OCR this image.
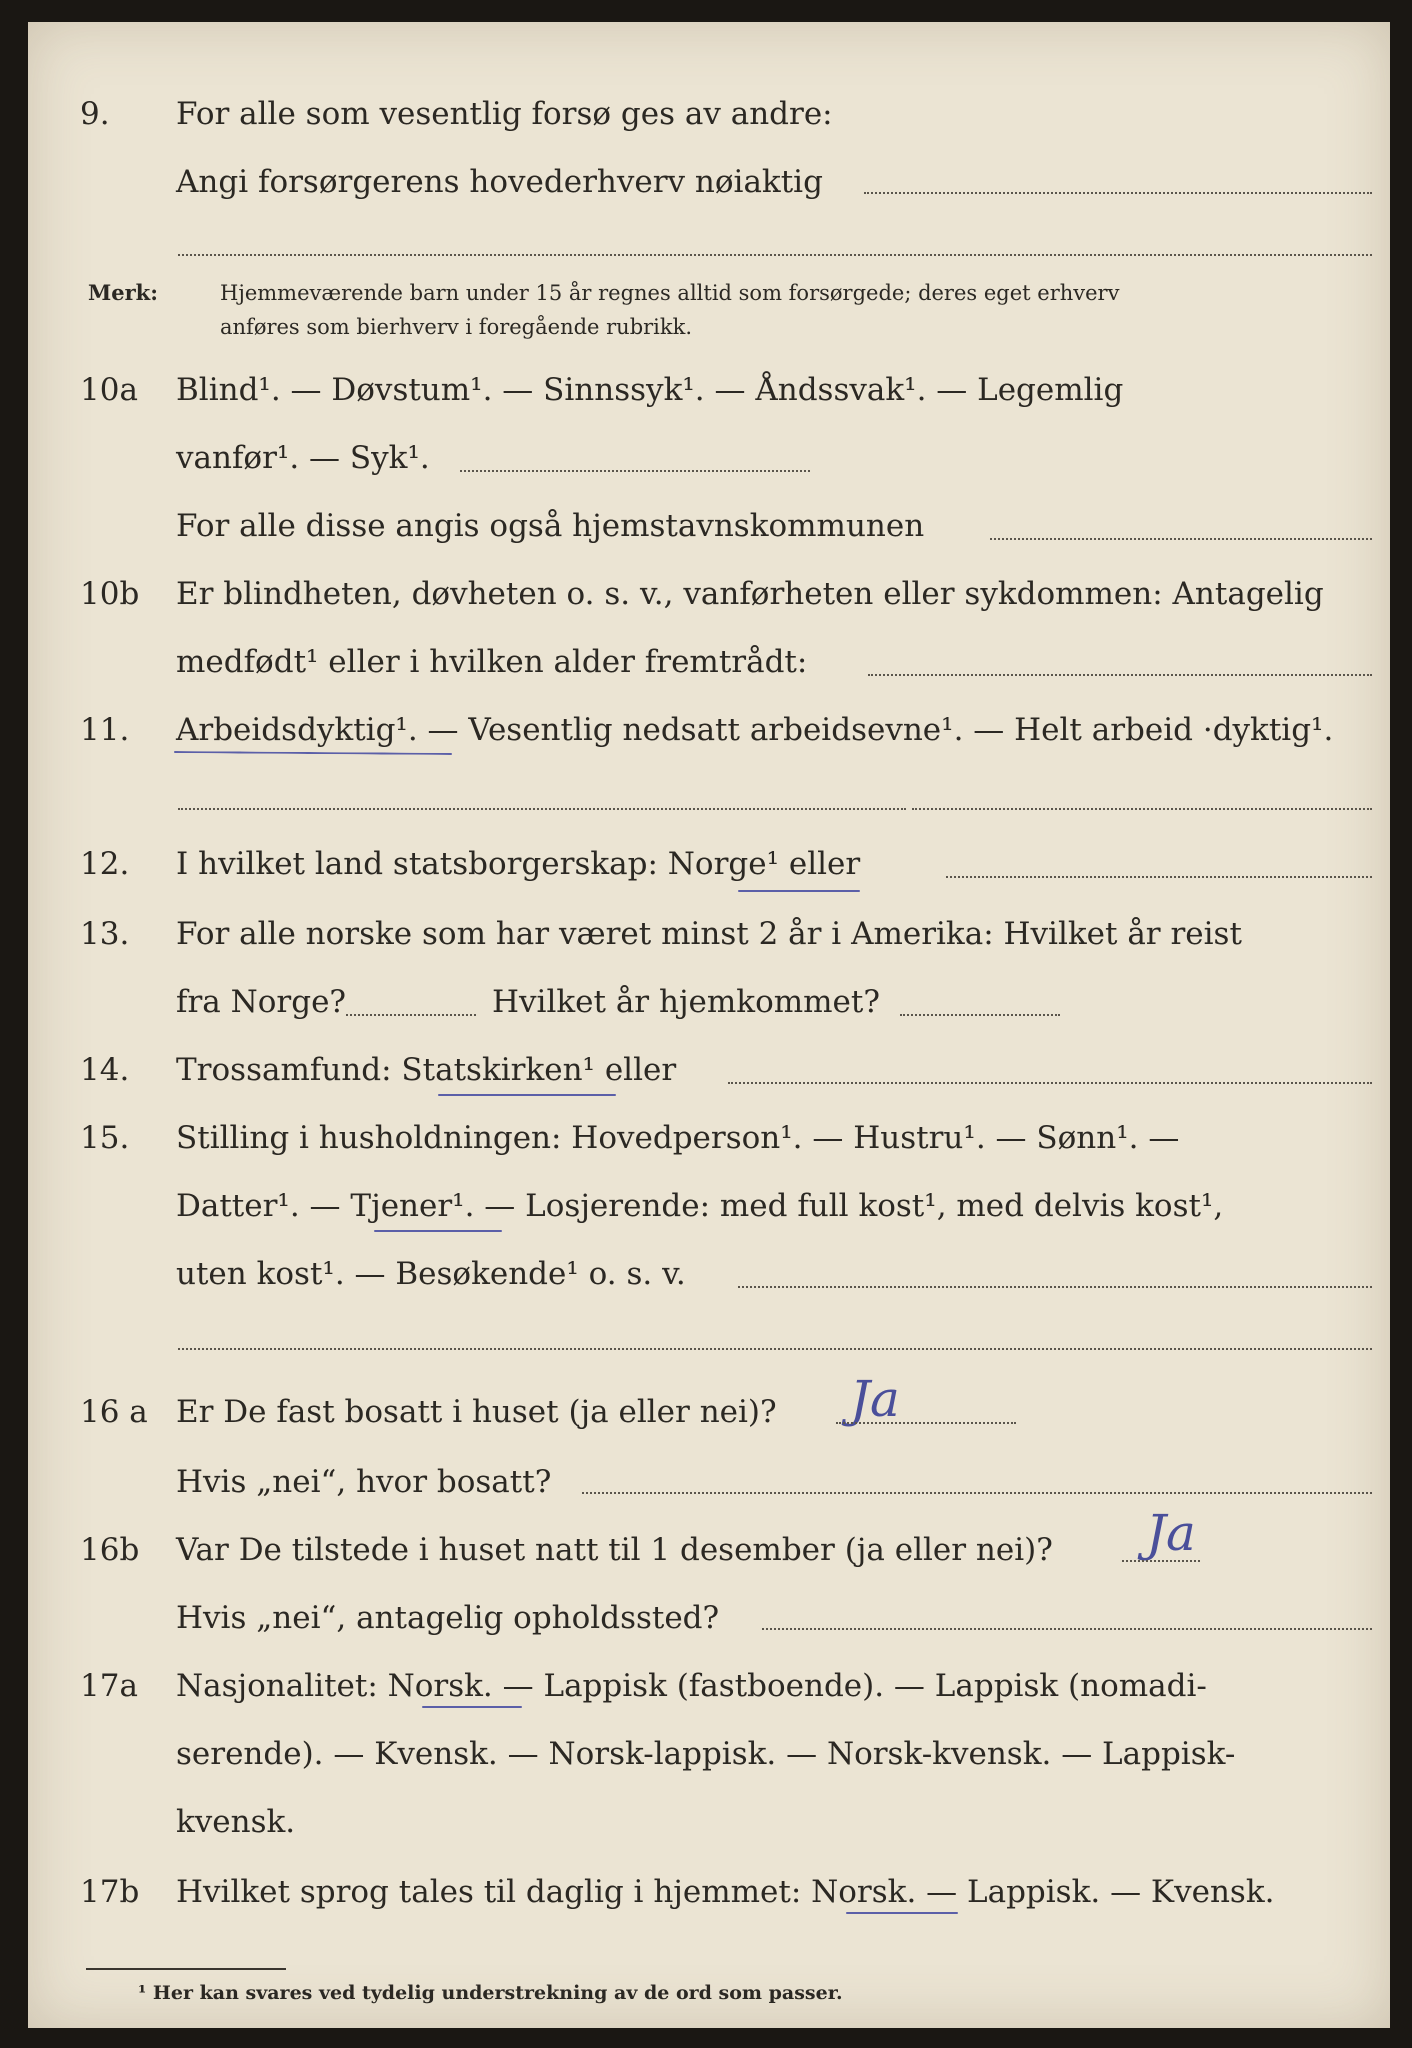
9. For alle som vesentlig forsø ges av andre:
Angi forsørgerens hovederhverv nøiaktig
Merk:	Hjemmeværende barn under 15 år regnes alltid som forsørgede; deres eget erhverv
anføres som bierhverv i foregående rubrikk.
10a Blind¹. — Døvstum¹. — Sinnssyk¹. — Åndssvak¹. — Legemlig
vanfør¹. — Syk¹.
For alle disse angis også hjemstavnskommunen
10b Er blindheten, døvheten o. s. v., vanførheten eller sykdommen: Antagelig
medfødt¹ eller i hvilken alder fremtrådt:
11. Arbeidsdyktig¹. — Vesentlig nedsatt arbeidsevne¹. — Helt arbeid ·dyktig¹.
12. I hvilket land statsborgerskap: Norge¹ eller
13. For alle norske som har været minst 2 år i Amerika: Hvilket år reist
fra Norge?	Hvilket år hjemkommet?
14. Trossamfund: Statskirken¹ eller
15. Stilling i husholdningen: Hovedperson¹. — Hustru¹. — Sønn¹. —
Datter¹. — Tjener¹. — Losjerende: med full kost¹, med delvis kost¹,
uten kost¹. — Besøkende¹ o. s. v.
16 a Er De fast bosatt i huset (ja eller nei)? Ja
Hvis „nei“, hvor bosatt?
16b Var De tilstede i huset natt til 1 desember (ja eller nei)? Ja
Hvis „nei“, antagelig opholdssted?
17a Nasjonalitet: Norsk. — Lappisk (fastboende). — Lappisk (nomadi-
serende). — Kvensk. — Norsk-lappisk. — Norsk-kvensk. — Lappisk-
kvensk.
17b Hvilket sprog tales til daglig i hjemmet: Norsk. — Lappisk. — Kvensk.
¹ Her kan svares ved tydelig understrekning av de ord som passer.
